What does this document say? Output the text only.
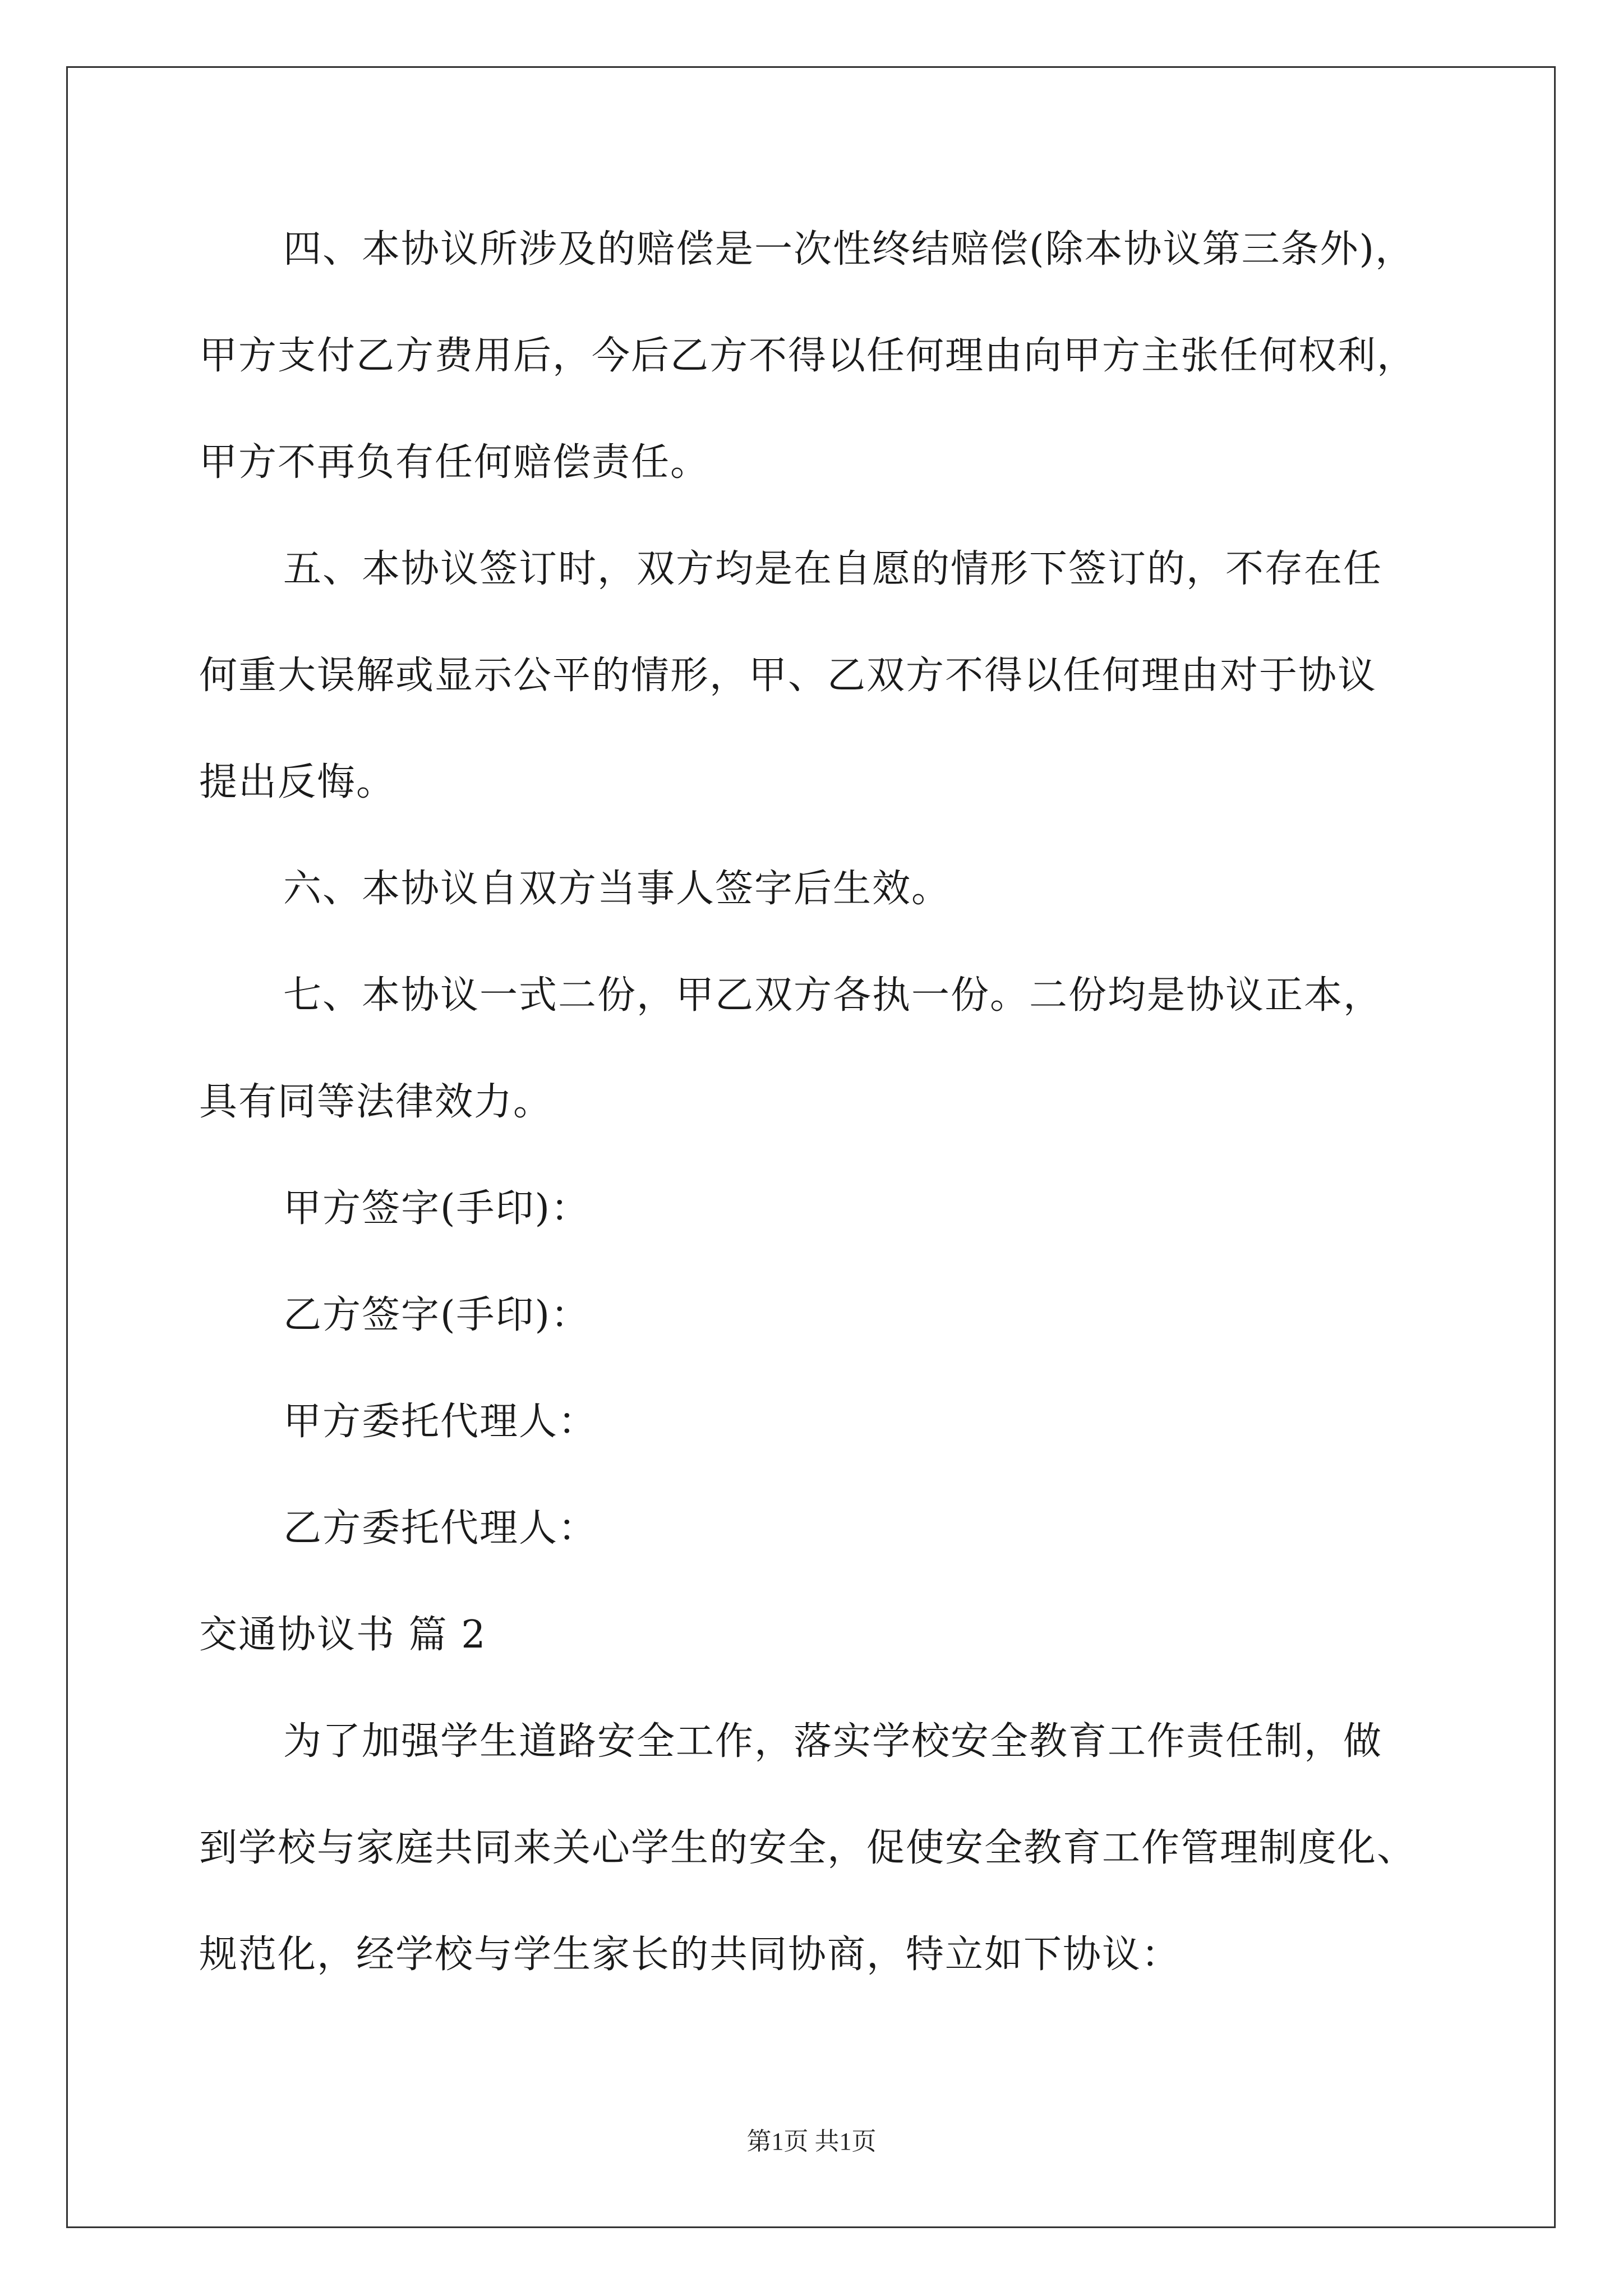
四、本协议所涉及的赔偿是一次性终结赔偿(除本协议第三条外)，
甲方支付乙方费用后，今后乙方不得以任何理由向甲方主张任何权利，
甲方不再负有任何赔偿责任。
五、本协议签订时，双方均是在自愿的情形下签订的，不存在任
何重大误解或显示公平的情形，甲、乙双方不得以任何理由对于协议
提出反悔。
六、本协议自双方当事人签字后生效。
七、本协议一式二份，甲乙双方各执一份。二份均是协议正本，
具有同等法律效力。
甲方签字(手印)：
乙方签字(手印)：
甲方委托代理人：
乙方委托代理人：
交通协议书 篇 2
为了加强学生道路安全工作，落实学校安全教育工作责任制，做
到学校与家庭共同来关心学生的安全，促使安全教育工作管理制度化、
规范化，经学校与学生家长的共同协商，特立如下协议：
第1页 共1页
